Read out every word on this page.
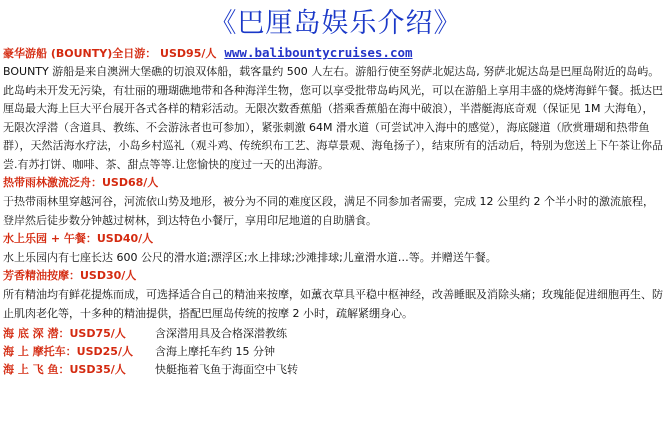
《巴厘岛娱乐介绍》
豪华游船 (BOUNTY)全日游： USD95/人 www.balibountycruises.com

BOUNTY 游船是来自澳洲大堡礁的切浪双体船，载客量约 500 人左右。游船行使至努萨北妮达岛, 努萨北妮达岛是巴厘岛附近的岛屿。此岛屿未开发无污染，有壮丽的珊瑚礁地带和各种海洋生物，您可以享受批带岛屿风光，可以在游船上享用丰盛的烧烤海鲜午餐。抵达巴厘岛最大海上巨大平台展开各式各样的精彩活动。无限次数香蕉船（搭乘香蕉船在海中破浪），半潜艇海底奇观（保证见 1M 大海龟），无限次浮潜（含道具、教练、不会游泳者也可参加），紧张刺激 64M 滑水道（可尝试冲入海中的感觉），海底隧道（欣赏珊瑚和热带鱼群），天然活海水疗法，小岛乡村巡礼（观斗鸡、传统织布工艺、海草景观、海龟扬子），结束所有的活动后，特别为您送上下午茶让你品尝.有苏打饼、咖啡、茶、甜点等等.让您愉快的度过一天的出海游。

热带雨林激流泛舟：USD68/人

于热带雨林里穿越河谷，河流依山势及地形，被分为不同的难度区段，满足不同参加者需要，完成 12 公里约 2 个半小时的激流旅程，登岸然后徒步数分钟越过树林，到达特色小餐厅，享用印尼地道的自助膳食。

水上乐园 + 午餐：USD40/人

水上乐园内有七座长达 600 公尺的滑水道;漂浮区;水上排球;沙滩排球;儿童滑水道…等。并赠送午餐。

芳香精油按摩：USD30/人

所有精油均有鲜花提炼而成，可选择适合自己的精油来按摩，如薰衣草具平稳中枢神经，改善睡眠及消除头痛；玫瑰能促进细胞再生、防止肌肉老化等，十多种的精油提供，搭配巴厘岛传统的按摩 2 小时，疏解紧绷身心。

海 底 深 潜：USD75/人	含深潜用具及合格深潜教练
海 上 摩托车：USD25/人	含海上摩托车约 15 分钟
海 上 飞 鱼：USD35/人	快艇拖着飞鱼于海面空中飞转
